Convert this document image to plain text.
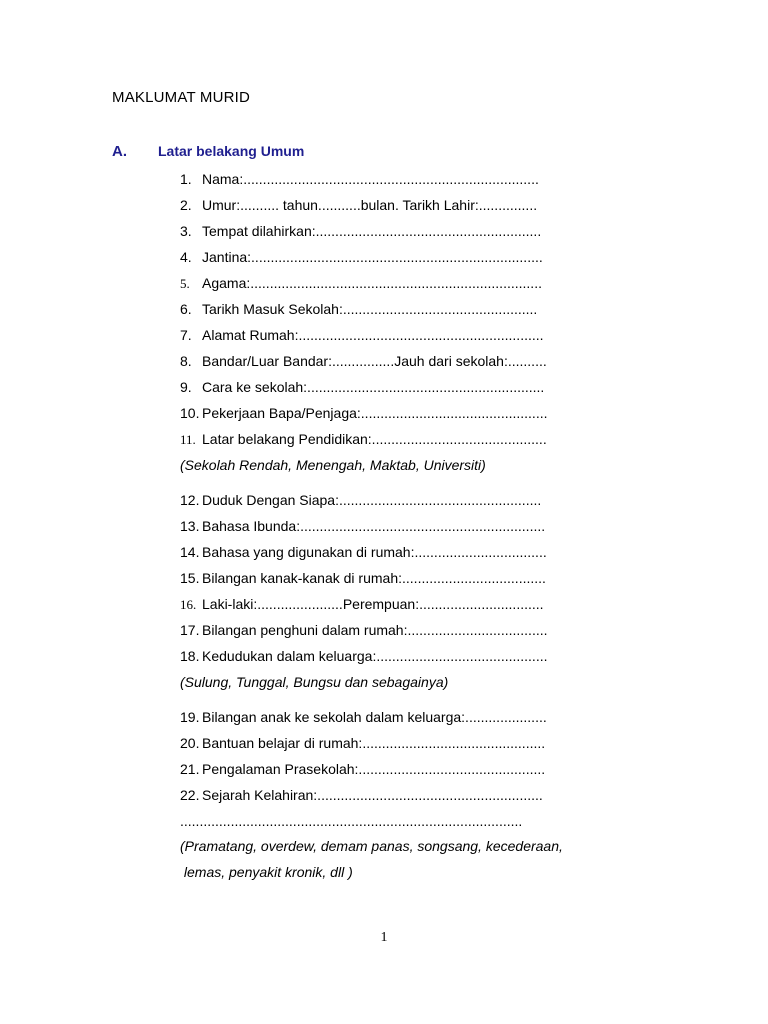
MAKLUMAT MURID
A. Latar belakang Umum
1. Nama:............................................................................
2. Umur:.......... tahun...........bulan. Tarikh Lahir:...............
3. Tempat dilahirkan:..........................................................
4. Jantina:...........................................................................
5. Agama:...........................................................................
6. Tarikh Masuk Sekolah:..................................................
7. Alamat Rumah:...............................................................
8. Bandar/Luar Bandar:................Jauh dari sekolah:..........
9. Cara ke sekolah:.............................................................
10. Pekerjaan Bapa/Penjaga:................................................
11. Latar belakang Pendidikan:.............................................
(Sekolah Rendah, Menengah, Maktab, Universiti)
12. Duduk Dengan Siapa:....................................................
13. Bahasa Ibunda:...............................................................
14. Bahasa yang digunakan di rumah:..................................
15. Bilangan kanak-kanak di rumah:.....................................
16. Laki-laki:......................Perempuan:................................
17. Bilangan penghuni dalam rumah:....................................
18. Kedudukan dalam keluarga:............................................
(Sulung, Tunggal, Bungsu dan sebagainya)
19. Bilangan anak ke sekolah dalam keluarga:.....................
20. Bantuan belajar di rumah:...............................................
21. Pengalaman Prasekolah:................................................
22. Sejarah Kelahiran:..........................................................
........................................................................................
(Pramatang, overdew, demam panas, songsang, kecederaan,
lemas, penyakit kronik, dll )
1
